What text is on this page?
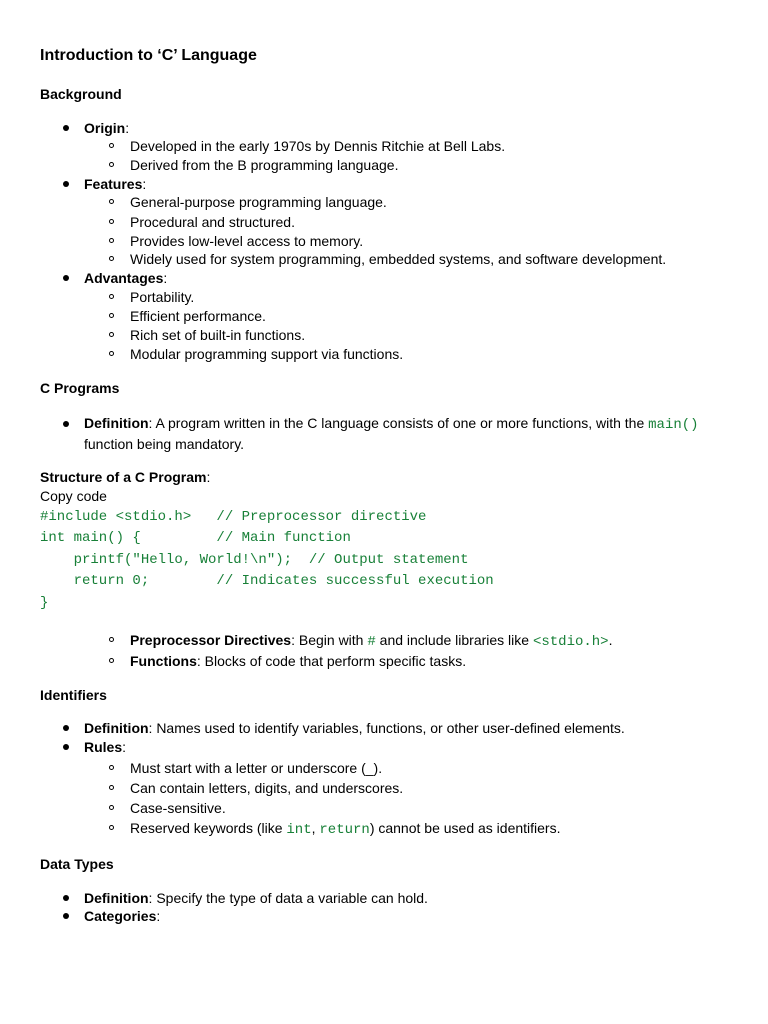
Introduction to ‘C’ Language
Background
Origin:
Developed in the early 1970s by Dennis Ritchie at Bell Labs.
Derived from the B programming language.
Features:
General-purpose programming language.
Procedural and structured.
Provides low-level access to memory.
Widely used for system programming, embedded systems, and software development.
Advantages:
Portability.
Efficient performance.
Rich set of built-in functions.
Modular programming support via functions.
C Programs
Definition: A program written in the C language consists of one or more functions, with the main() function being mandatory.
Structure of a C Program:
Copy code
#include <stdio.h>   // Preprocessor directive
int main() {         // Main function
printf("Hello, World!\n");  // Output statement
return 0;        // Indicates successful execution
}
Preprocessor Directives: Begin with # and include libraries like <stdio.h>.
Functions: Blocks of code that perform specific tasks.
Identifiers
Definition: Names used to identify variables, functions, or other user-defined elements.
Rules:
Must start with a letter or underscore (_).
Can contain letters, digits, and underscores.
Case-sensitive.
Reserved keywords (like int, return) cannot be used as identifiers.
Data Types
Definition: Specify the type of data a variable can hold.
Categories:
